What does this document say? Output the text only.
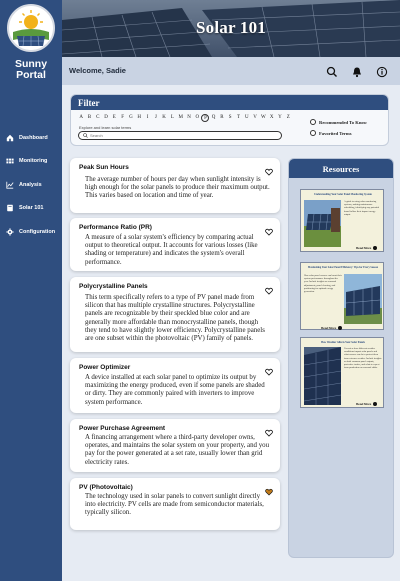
Sunny
Portal
Dashboard
Monitoring
Analysis
Solar 101
Configuration
Solar 101
Welcome, Sadie
Filter
A B C D E	F	G H	I	J	K L M N O P Q R	S	T U V W X Y Z
Explore and learn solar terms
Search
Recommended To Know
Favorited Terms
Peak Sun Hours
The average number of hours per day when sunlight intensity is high enough for the solar panels to produce their maximum output. This varies based on location and time of year.
Performance Ratio (PR)
A measure of a solar system's efficiency by comparing actual output to theoretical output. It accounts for various losses (like shading or temperature) and indicates the system's overall performance.
Polycrystalline Panels
This term specifically refers to a type of PV panel made from silicon that has multiple crystalline structures. Polycrystalline panels are recognizable by their speckled blue color and are generally more affordable than monocrystalline panels, though they tend to have slightly lower efficiency. Polycrystalline panels are one subset within the photovoltaic (PV) family of panels.
Power Optimizer
A device installed at each solar panel to optimize its output by maximizing the energy produced, even if some panels are shaded or dirty. They are commonly paired with inverters to improve system performance.
Power Purchase Agreement
A financing arrangement where a third-party developer owns, operates, and maintains the solar system on your property, and you pay for the power generated at a set rate, usually lower than grid electricity rates.
PV (Photovoltaic)
The technology used in solar panels to convert sunlight directly into electricity. PV cells are made from semiconductor materials, typically silicon.
Resources
Understanding Your Solar Panel Monitoring System
A guide to using solar monitoring systems, making maintenance scheduling, identifying any potential board follow their impact energy output.
Read More
Maximizing Your Solar Panel Efficiency: Tips for Every Season
How solar panel owners can boost their system performance throughout the year. Include insights on seasonal adjustments, panel cleaning, and positioning for optimal energy generation.
Read More
How Weather Affects Your Solar Panels
Overview how different weather conditions impact solar panels and what owners can do to protect them from extreme weather. Include insights on both common panel outputs, protective tactics, and what to expect from production on seasonal shifts.
Read More
